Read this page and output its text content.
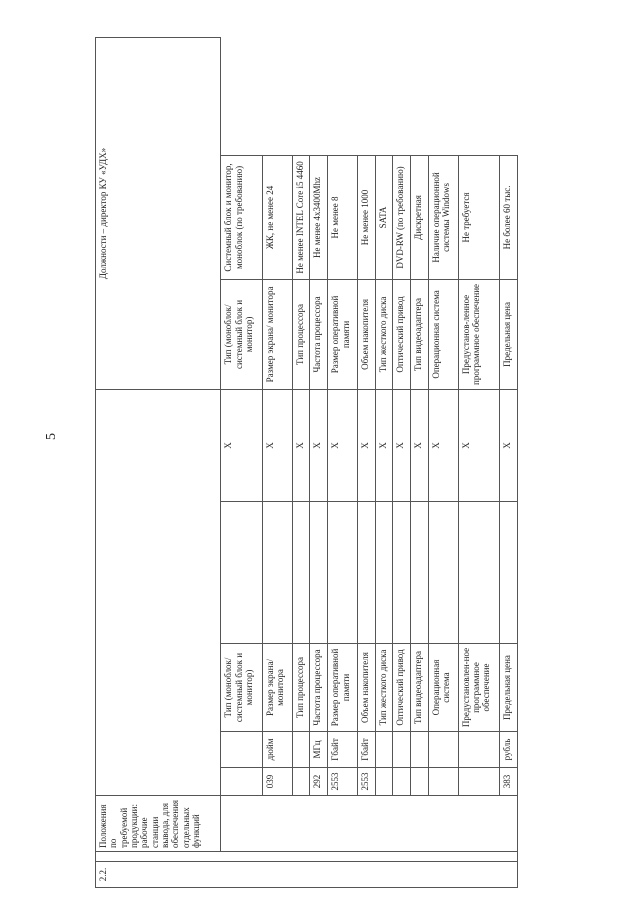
5
2.2.		Положения по требуемой продукции: рабочие станции вывода, для обеспечения отдельных функций						Должности – директор КУ «УДХ»	
					Тип (моноблок/ системный блок и монитор)		Х	Тип (моноблок/ системный блок и монитор)	Системный блок и монитор, моноблок (по требованию)
			039	дюйм	Размер экрана/монитора		Х	Размер экрана/ монитора	ЖК, не менее 24
					Тип процессора		Х	Тип процессора	Не менее INTEL Core i5 4460
			292	МГц	Частота процессора		Х	Частота процессора	Не менее 4х3400Mhz
			2553	Гбайт	Размер оперативной памяти		Х	Размер оперативной памяти	Не менее 8
			2553	Гбайт	Объем накопителя		Х	Объем накопителя	Не менее 1000
					Тип жесткого диска		Х	Тип жесткого диска	SATA
					Оптический привод		Х	Оптический привод	DVD-RW (по требованию)
					Тип видеоадаптера		Х	Тип видеоадаптера	Дискретная
					Операционная система		Х	Операционная система	Наличие операционной системы Windows
					Предустановлен-ное программное обеспечение		Х	Предустанов-ленное программное обеспечение	Не требуется
			383	рубль	Предельная цена		Х	Предельная цена	Не более 60 тыс.
